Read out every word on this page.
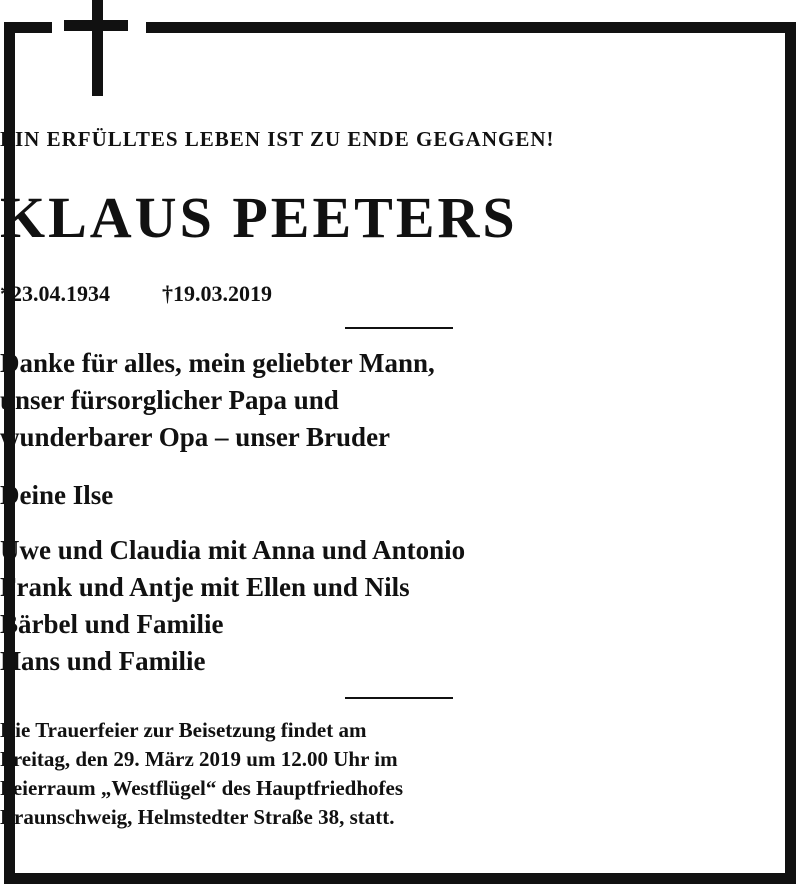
EIN ERFÜLLTES LEBEN IST ZU ENDE GEGANGEN!
KLAUS PEETERS
*23.04.1934 †19.03.2019
Danke für alles, mein geliebter Mann,
unser fürsorglicher Papa und
wunderbarer Opa – unser Bruder
Deine Ilse
Uwe und Claudia mit Anna und Antonio
Frank und Antje mit Ellen und Nils
Bärbel und Familie
Hans und Familie
Die Trauerfeier zur Beisetzung findet am
Freitag, den 29. März 2019 um 12.00 Uhr im
Feierraum „Westflügel“ des Hauptfriedhofes
Braunschweig, Helmstedter Straße 38, statt.
